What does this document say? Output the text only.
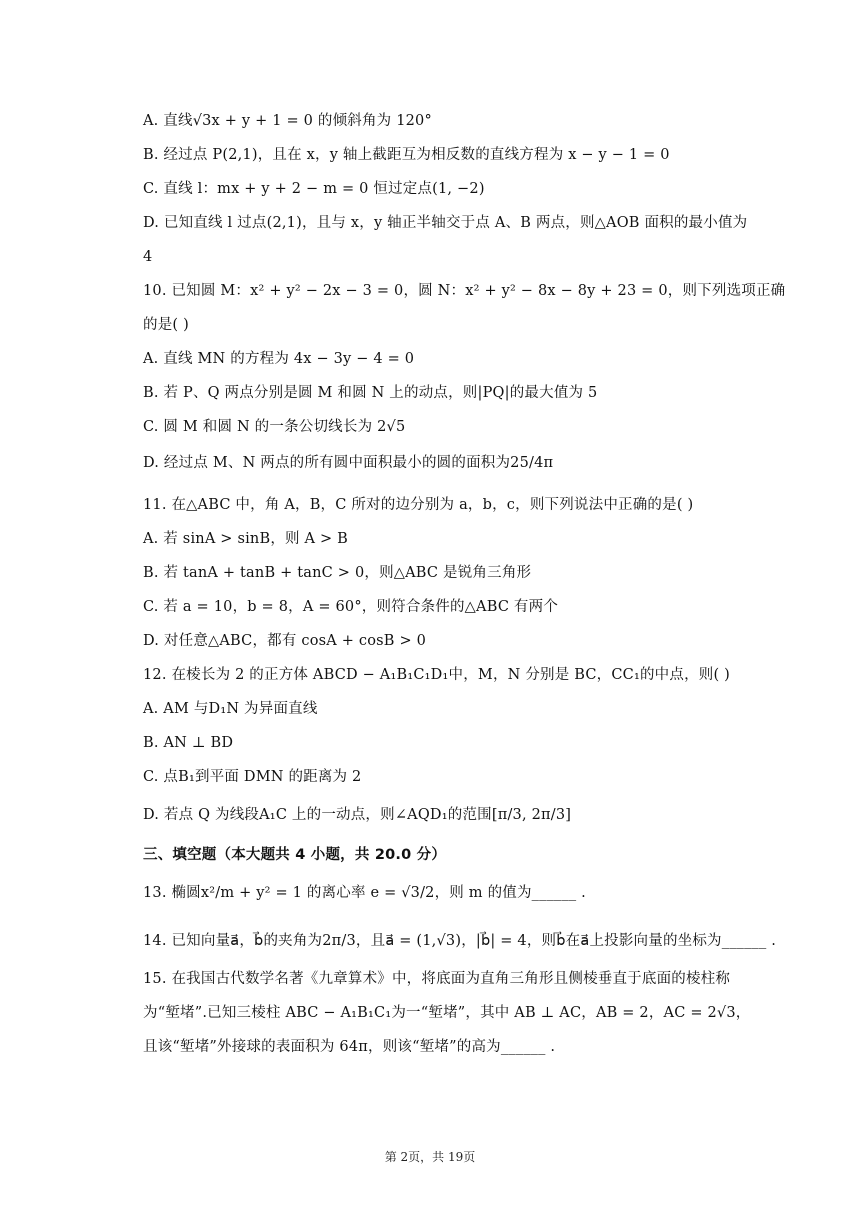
A. 直线√3x + y + 1 = 0 的倾斜角为 120°
B. 经过点 P(2,1)，且在 x，y 轴上截距互为相反数的直线方程为 x − y − 1 = 0
C. 直线 l：mx + y + 2 − m = 0 恒过定点(1, −2)
D. 已知直线 l 过点(2,1)，且与 x，y 轴正半轴交于点 A、B 两点，则△AOB 面积的最小值为
4
10. 已知圆 M：x² + y² − 2x − 3 = 0，圆 N：x² + y² − 8x − 8y + 23 = 0，则下列选项正确
的是( )
A. 直线 MN 的方程为 4x − 3y − 4 = 0
B. 若 P、Q 两点分别是圆 M 和圆 N 上的动点，则|PQ|的最大值为 5
C. 圆 M 和圆 N 的一条公切线长为 2√5
D. 经过点 M、N 两点的所有圆中面积最小的圆的面积为25/4π
11. 在△ABC 中，角 A，B，C 所对的边分别为 a，b，c，则下列说法中正确的是( )
A. 若 sinA > sinB，则 A > B
B. 若 tanA + tanB + tanC > 0，则△ABC 是锐角三角形
C. 若 a = 10，b = 8，A = 60°，则符合条件的△ABC 有两个
D. 对任意△ABC，都有 cosA + cosB > 0
12. 在棱长为 2 的正方体 ABCD − A₁B₁C₁D₁中，M，N 分别是 BC，CC₁的中点，则( )
A. AM 与D₁N 为异面直线
B. AN ⊥ BD
C. 点B₁到平面 DMN 的距离为 2
D. 若点 Q 为线段A₁C 上的一动点，则∠AQD₁的范围[π/3, 2π/3]
三、填空题（本大题共 4 小题，共 20.0 分）
13. 椭圆x²/m + y² = 1 的离心率 e = √3/2，则 m 的值为______ .
14. 已知向量a⃗，b⃗的夹角为2π/3，且a⃗ = (1,√3)，|b⃗| = 4，则b⃗在a⃗上投影向量的坐标为______ .
15. 在我国古代数学名著《九章算术》中，将底面为直角三角形且侧棱垂直于底面的棱柱称
为“堑堵”.已知三棱柱 ABC − A₁B₁C₁为一“堑堵”，其中 AB ⊥ AC，AB = 2，AC = 2√3，
且该“堑堵”外接球的表面积为 64π，则该“堑堵”的高为______ .
第 2页，共 19页
